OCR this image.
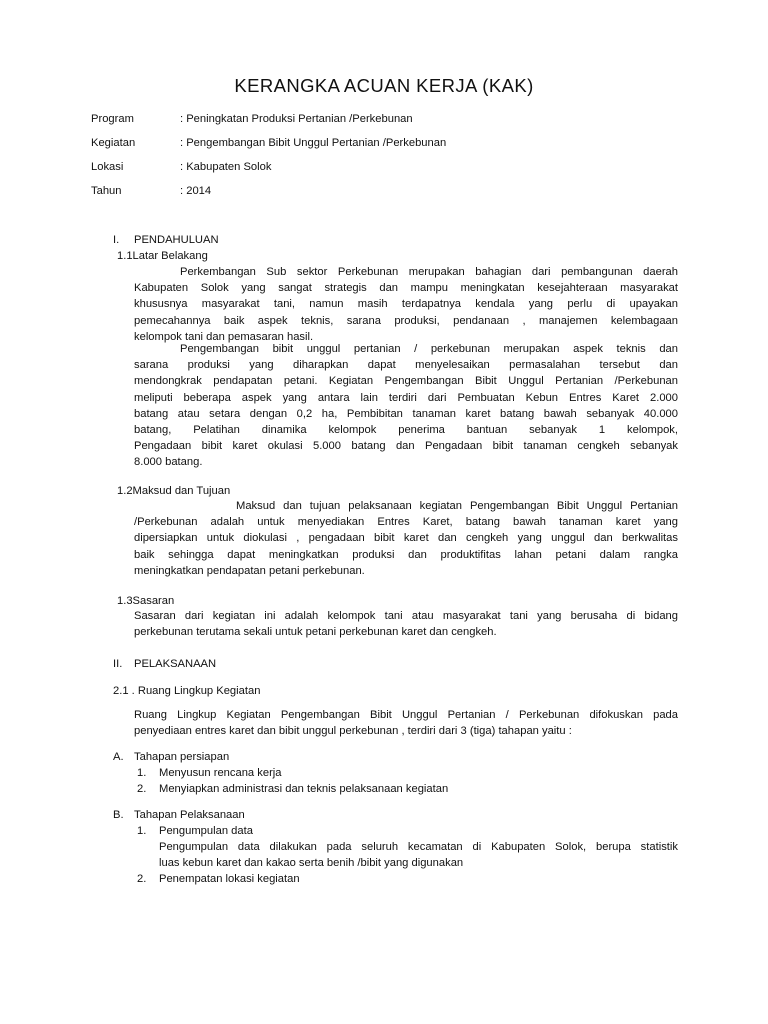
KERANGKA ACUAN KERJA (KAK)
Program	: Peningkatan Produksi Pertanian /Perkebunan
Kegiatan	: Pengembangan Bibit Unggul Pertanian /Perkebunan
Lokasi	: Kabupaten Solok
Tahun	: 2014
I. PENDAHULUAN
1.1Latar Belakang
Perkembangan Sub sektor Perkebunan merupakan bahagian dari pembangunan daerah
Kabupaten Solok yang sangat strategis dan mampu meningkatan kesejahteraan masyarakat
khususnya masyarakat tani, namun masih terdapatnya kendala yang perlu di upayakan
pemecahannya baik aspek teknis, sarana produksi, pendanaan , manajemen kelembagaan
kelompok tani dan pemasaran hasil.
Pengembangan bibit unggul pertanian / perkebunan merupakan aspek teknis dan
sarana produksi yang diharapkan dapat menyelesaikan permasalahan tersebut dan
mendongkrak pendapatan petani. Kegiatan Pengembangan Bibit Unggul Pertanian /Perkebunan
meliputi beberapa aspek yang antara lain terdiri dari Pembuatan Kebun Entres Karet 2.000
batang atau setara dengan 0,2 ha, Pembibitan tanaman karet batang bawah sebanyak 40.000
batang, Pelatihan dinamika kelompok penerima bantuan sebanyak 1 kelompok,
Pengadaan bibit karet okulasi 5.000 batang dan Pengadaan bibit tanaman cengkeh sebanyak
8.000 batang.
1.2Maksud dan Tujuan
Maksud dan tujuan pelaksanaan kegiatan Pengembangan Bibit Unggul Pertanian
/Perkebunan adalah untuk menyediakan Entres Karet, batang bawah tanaman karet yang
dipersiapkan untuk diokulasi , pengadaan bibit karet dan cengkeh yang unggul dan berkwalitas
baik sehingga dapat meningkatkan produksi dan produktifitas lahan petani dalam rangka
meningkatkan pendapatan petani perkebunan.
1.3Sasaran
Sasaran dari kegiatan ini adalah kelompok tani atau masyarakat tani yang berusaha di bidang
perkebunan terutama sekali untuk petani perkebunan karet dan cengkeh.
II. PELAKSANAAN
2.1 . Ruang Lingkup Kegiatan
Ruang Lingkup Kegiatan Pengembangan Bibit Unggul Pertanian / Perkebunan difokuskan pada
penyediaan entres karet dan bibit unggul perkebunan , terdiri dari 3 (tiga) tahapan yaitu :
A. Tahapan persiapan
1. Menyusun rencana kerja
2. Menyiapkan administrasi dan teknis pelaksanaan kegiatan
B. Tahapan Pelaksanaan
1. Pengumpulan data
Pengumpulan data dilakukan pada seluruh kecamatan di Kabupaten Solok, berupa statistik
luas kebun karet dan kakao serta benih /bibit yang digunakan
2. Penempatan lokasi kegiatan
